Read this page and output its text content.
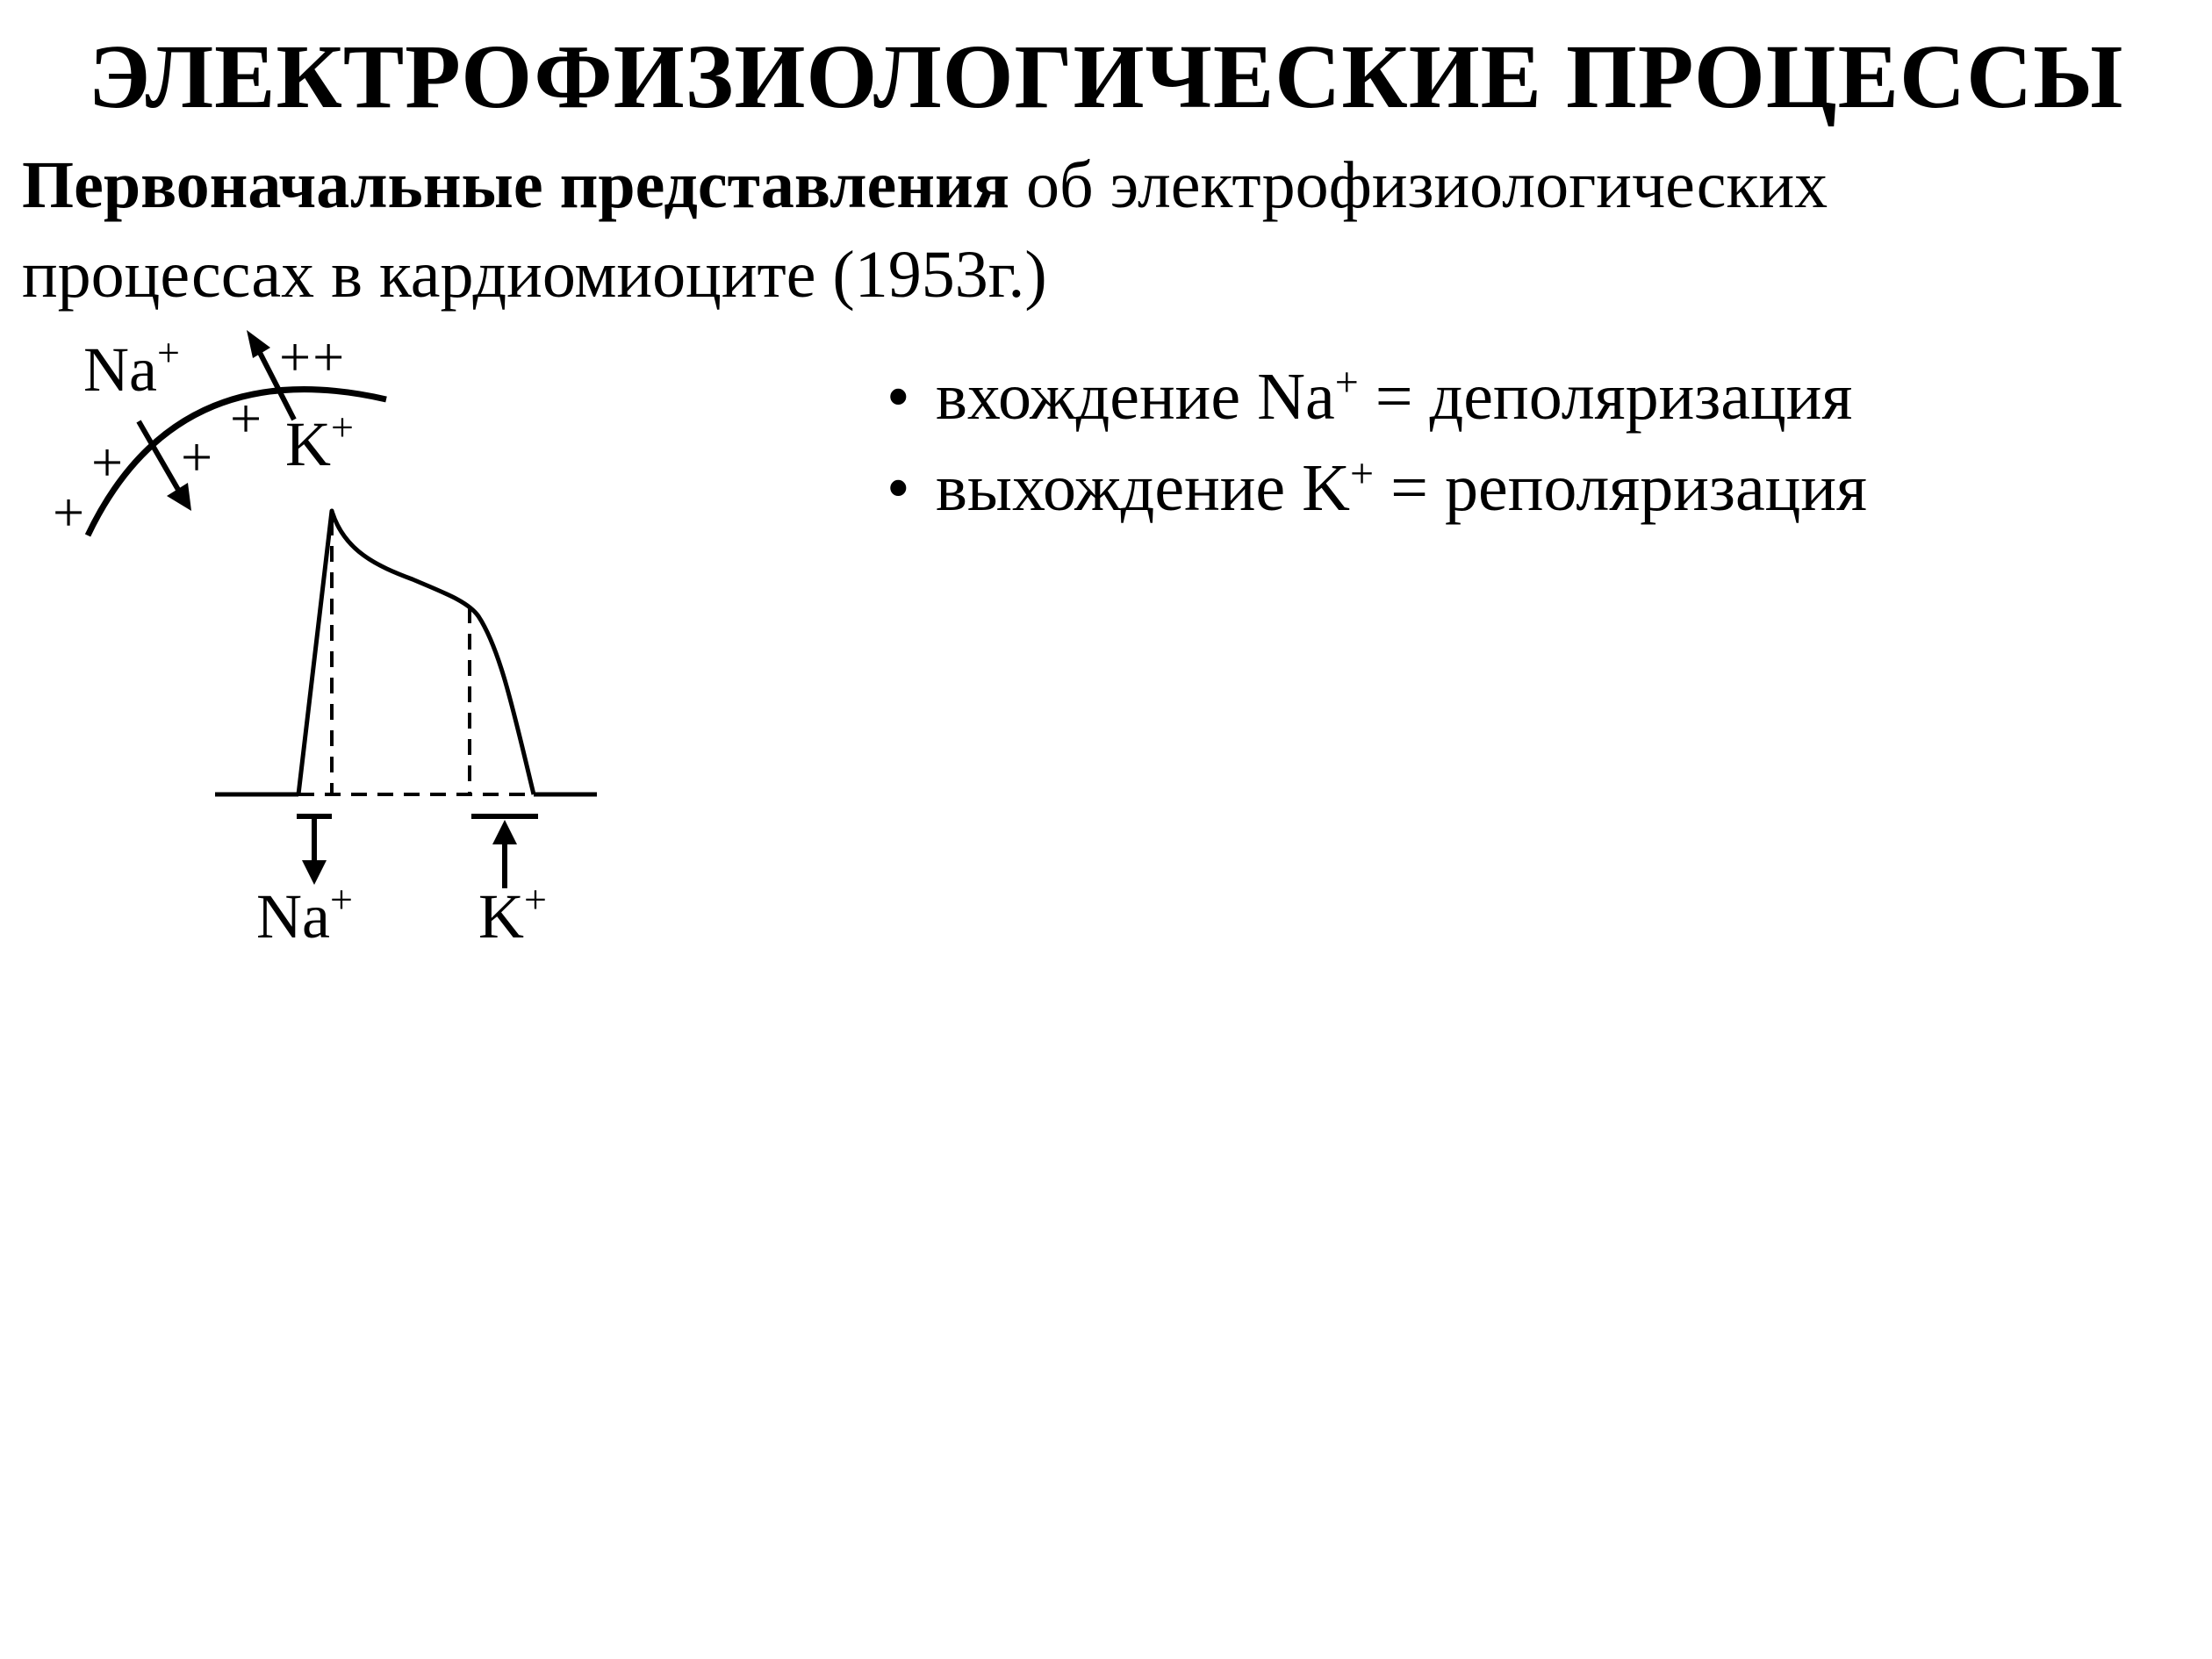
ЭЛЕКТРОФИЗИОЛОГИЧЕСКИЕ ПРОЦЕССЫ
Первоначальные представления об электрофизиологических
процессах в кардиомиоците (1953г.)
Na+
K+
++
+
+
+
+
Na+ K+
• вхождение Na+ = деполяризация
• выхождение K+ = реполяризация
